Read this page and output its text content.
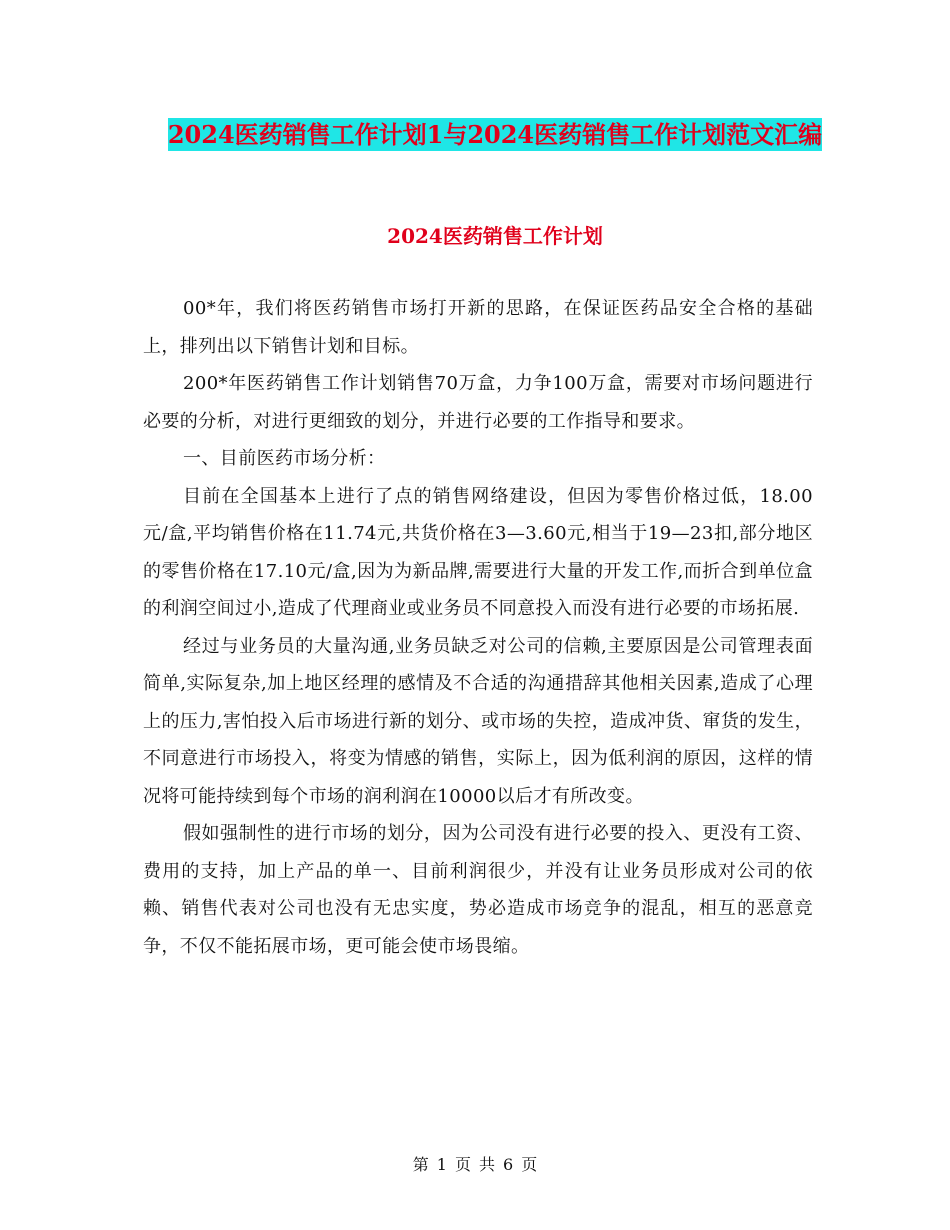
2024医药销售工作计划1与2024医药销售工作计划范文汇编
2024医药销售工作计划

00*年，我们将医药销售市场打开新的思路，在保证医药品安全合格的基础上，排列出以下销售计划和目标。

200*年医药销售工作计划销售70万盒，力争100万盒，需要对市场问题进行必要的分析，对进行更细致的划分，并进行必要的工作指导和要求。

一、目前医药市场分析：

目前在全国基本上进行了点的销售网络建设，但因为零售价格过低，18.00元/盒,平均销售价格在11.74元,共货价格在3—3.60元,相当于19—23扣,部分地区的零售价格在17.10元/盒,因为为新品牌,需要进行大量的开发工作,而折合到单位盒的利润空间过小,造成了代理商业或业务员不同意投入而没有进行必要的市场拓展.

经过与业务员的大量沟通,业务员缺乏对公司的信赖,主要原因是公司管理表面简单,实际复杂,加上地区经理的感情及不合适的沟通措辞其他相关因素,造成了心理上的压力,害怕投入后市场进行新的划分、或市场的失控，造成冲货、窜货的发生，不同意进行市场投入，将变为情感的销售，实际上，因为低利润的原因，这样的情况将可能持续到每个市场的润利润在10000以后才有所改变。

假如强制性的进行市场的划分，因为公司没有进行必要的投入、更没有工资、费用的支持，加上产品的单一、目前利润很少，并没有让业务员形成对公司的依赖、销售代表对公司也没有无忠实度，势必造成市场竞争的混乱，相互的恶意竞争，不仅不能拓展市场，更可能会使市场畏缩。

第 1 页 共 6 页
